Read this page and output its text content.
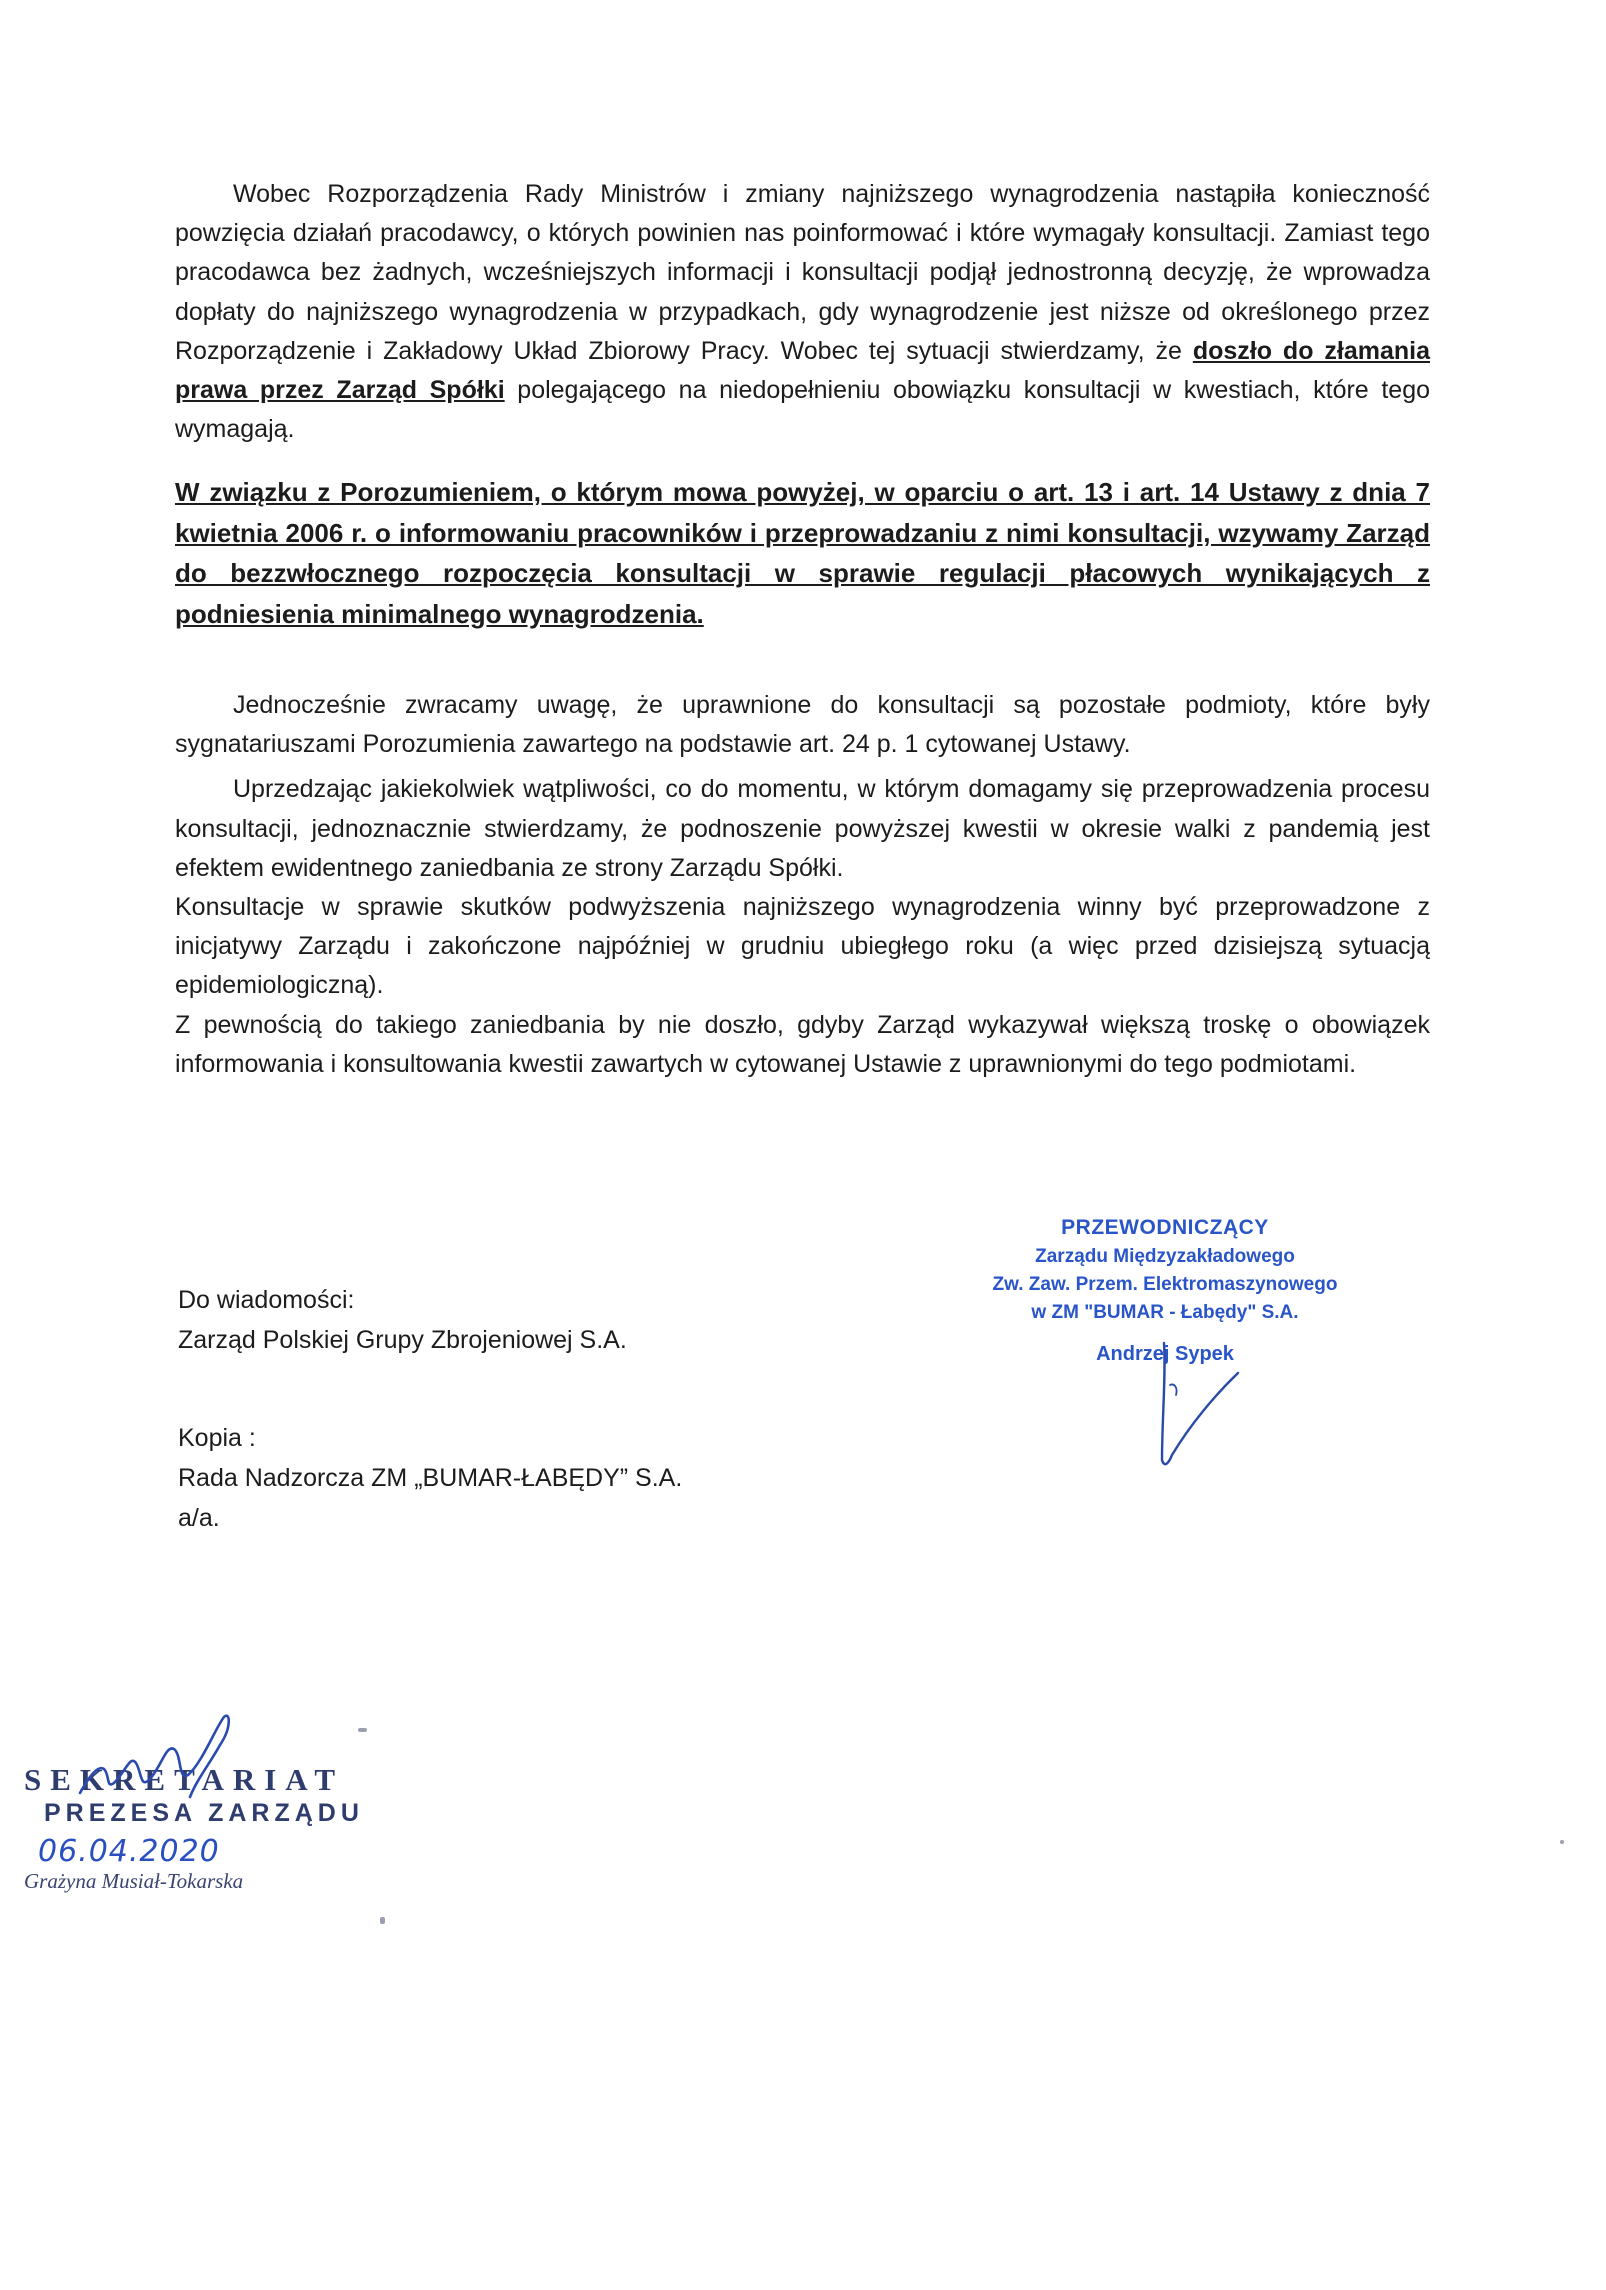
Wobec Rozporządzenia Rady Ministrów i zmiany najniższego wynagrodzenia nastąpiła konieczność powzięcia działań pracodawcy, o których powinien nas poinformować i które wymagały konsultacji. Zamiast tego pracodawca bez żadnych, wcześniejszych informacji i konsultacji podjął jednostronną decyzję, że wprowadza dopłaty do najniższego wynagrodzenia w przypadkach, gdy wynagrodzenie jest niższe od określonego przez Rozporządzenie i Zakładowy Układ Zbiorowy Pracy. Wobec tej sytuacji stwierdzamy, że doszło do złamania prawa przez Zarząd Spółki polegającego na niedopełnieniu obowiązku konsultacji w kwestiach, które tego wymagają.

W związku z Porozumieniem, o którym mowa powyżej, w oparciu o art. 13 i art. 14 Ustawy z dnia 7 kwietnia 2006 r. o informowaniu pracowników i przeprowadzaniu z nimi konsultacji, wzywamy Zarząd do bezzwłocznego rozpoczęcia konsultacji w sprawie regulacji płacowych wynikających z podniesienia minimalnego wynagrodzenia.

Jednocześnie zwracamy uwagę, że uprawnione do konsultacji są pozostałe podmioty, które były sygnatariuszami Porozumienia zawartego na podstawie art. 24 p. 1 cytowanej Ustawy.

Uprzedzając jakiekolwiek wątpliwości, co do momentu, w którym domagamy się przeprowadzenia procesu konsultacji, jednoznacznie stwierdzamy, że podnoszenie powyższej kwestii w okresie walki z pandemią jest efektem ewidentnego zaniedbania ze strony Zarządu Spółki.

Konsultacje w sprawie skutków podwyższenia najniższego wynagrodzenia winny być przeprowadzone z inicjatywy Zarządu i zakończone najpóźniej w grudniu ubiegłego roku (a więc przed dzisiejszą sytuacją epidemiologiczną).

Z pewnością do takiego zaniedbania by nie doszło, gdyby Zarząd wykazywał większą troskę o obowiązek informowania i konsultowania kwestii zawartych w cytowanej Ustawie z uprawnionymi do tego podmiotami.

PRZEWODNICZĄCY
Zarządu Międzyzakładowego
Zw. Zaw. Przem. Elektromaszynowego
w ZM "BUMAR - Łabędy" S.A.
Andrzej Sypek
Do wiadomości:
Zarząd Polskiej Grupy Zbrojeniowej S.A.
Kopia :
Rada Nadzorcza ZM „BUMAR-ŁABĘDY” S.A.
a/a.
SEKRETARIAT
PREZESA ZARZĄDU
06.04.2020
Grażyna Musiał-Tokarska
